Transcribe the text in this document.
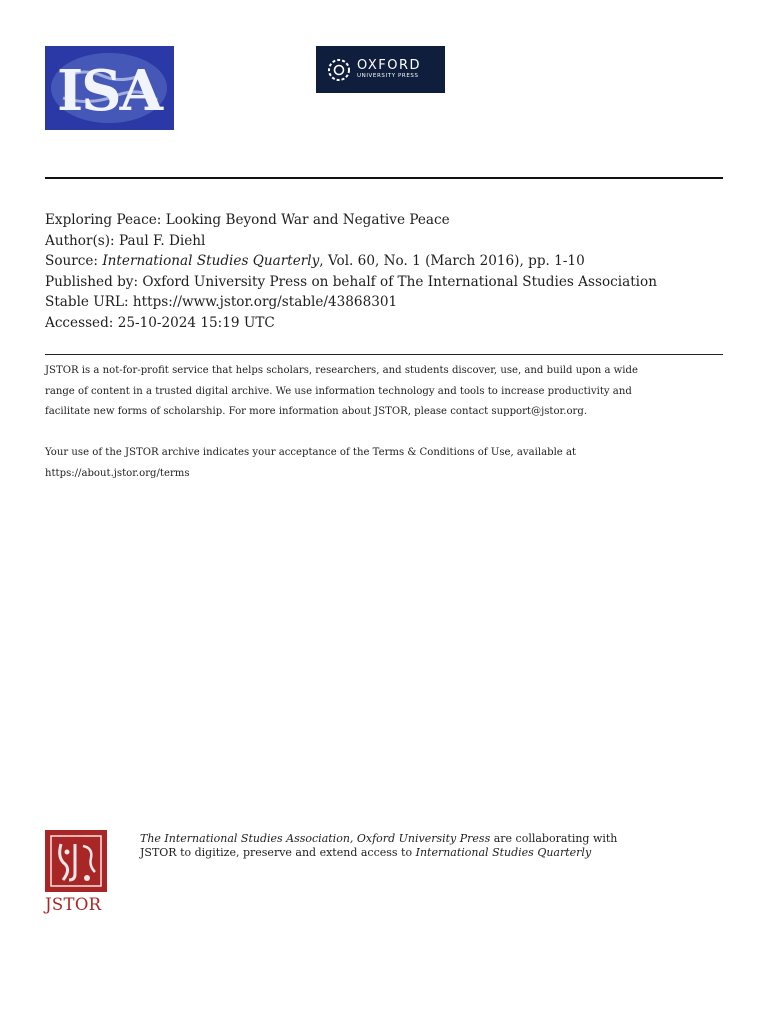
ISA	OXFORD
UNIVERSITY PRESS
Exploring Peace: Looking Beyond War and Negative Peace
Author(s): Paul F. Diehl
Source: International Studies Quarterly, Vol. 60, No. 1 (March 2016), pp. 1-10
Published by: Oxford University Press on behalf of The International Studies Association
Stable URL: https://www.jstor.org/stable/43868301
Accessed: 25-10-2024 15:19 UTC

JSTOR is a not-for-profit service that helps scholars, researchers, and students discover, use, and build upon a wide

range of content in a trusted digital archive. We use information technology and tools to increase productivity and

facilitate new forms of scholarship. For more information about JSTOR, please contact support@jstor.org.

Your use of the JSTOR archive indicates your acceptance of the Terms & Conditions of Use, available at

https://about.jstor.org/terms

JSTOR
The International Studies Association, Oxford University Press are collaborating with
JSTOR to digitize, preserve and extend access to International Studies Quarterly
